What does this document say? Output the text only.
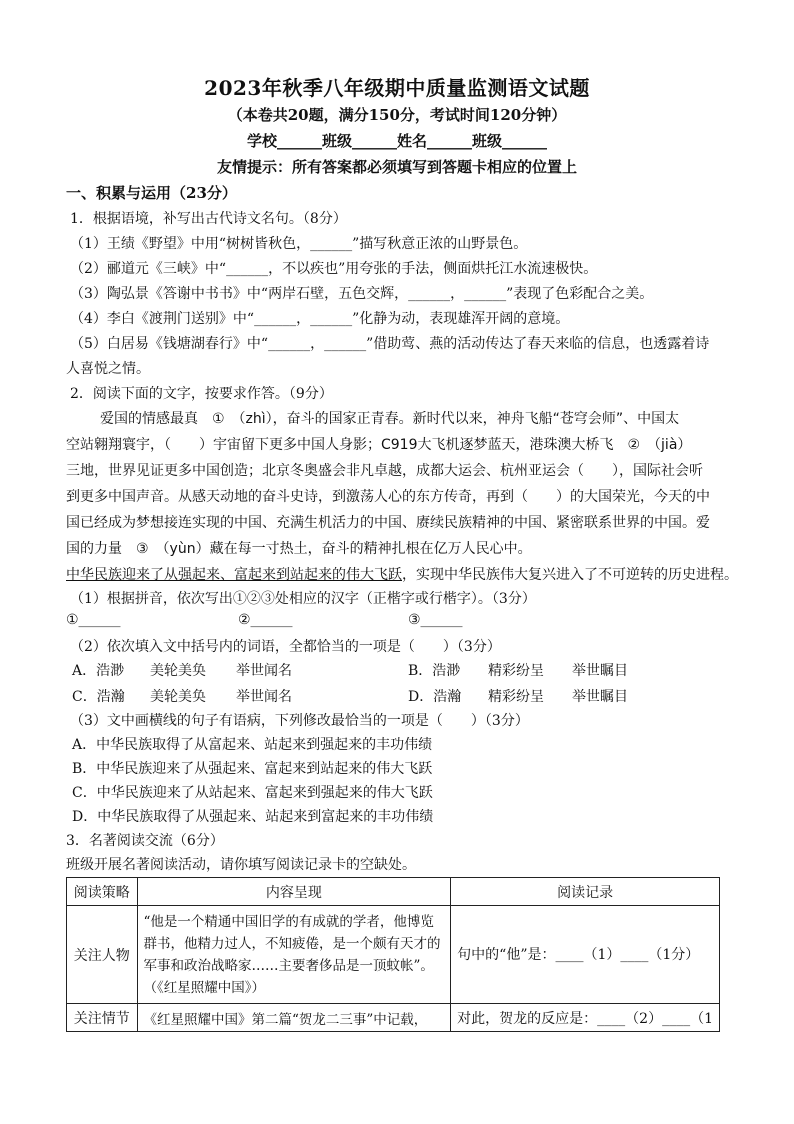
2023年秋季八年级期中质量监测语文试题
（本卷共20题，满分150分，考试时间120分钟）
学校______班级______姓名______班级______
友情提示：所有答案都必须填写到答题卡相应的位置上
一、积累与运用（23分）
1．根据语境，补写出古代诗文名句。（8分）
（1）王绩《野望》中用“树树皆秋色，______”描写秋意正浓的山野景色。
（2）郦道元《三峡》中“______，不以疾也”用夸张的手法，侧面烘托江水流速极快。
（3）陶弘景《答谢中书书》中“两岸石壁，五色交辉，______，______”表现了色彩配合之美。
（4）李白《渡荆门送别》中“______，______”化静为动，表现雄浑开阔的意境。
（5）白居易《钱塘湖春行》中“______，______”借助莺、燕的活动传达了春天来临的信息，也透露着诗
人喜悦之情。
2．阅读下面的文字，按要求作答。（9分）
爱国的情感最真　①　（zhì），奋斗的国家正青春。新时代以来，神舟飞船“苍穹会师”、中国太
空站翱翔寰宇，（　　）宇宙留下更多中国人身影；C919大飞机逐梦蓝天，港珠澳大桥飞　②　（jià）
三地，世界见证更多中国创造；北京冬奥盛会非凡卓越，成都大运会、杭州亚运会（　　），国际社会听
到更多中国声音。从感天动地的奋斗史诗，到激荡人心的东方传奇，再到（　　）的大国荣光，今天的中
国已经成为梦想接连实现的中国、充满生机活力的中国、赓续民族精神的中国、紧密联系世界的中国。爱
国的力量　③　（yùn）藏在每一寸热土，奋斗的精神扎根在亿万人民心中。
中华民族迎来了从强起来、富起来到站起来的伟大飞跃，实现中华民族伟大复兴进入了不可逆转的历史进程。
（1）根据拼音，依次写出①②③处相应的汉字（正楷字或行楷字）。（3分）
①______	②______	③______
（2）依次填入文中括号内的词语，全都恰当的一项是（　　）（3分）
A．浩渺 美轮美奂 举世闻名	B．浩渺 精彩纷呈 举世瞩目
C．浩瀚 美轮美奂 举世闻名	D．浩瀚 精彩纷呈 举世瞩目
（3）文中画横线的句子有语病，下列修改最恰当的一项是（　　）（3分）
A．中华民族取得了从富起来、站起来到强起来的丰功伟绩
B．中华民族迎来了从强起来、富起来到站起来的伟大飞跃
C．中华民族迎来了从站起来、富起来到强起来的伟大飞跃
D．中华民族取得了从强起来、站起来到富起来的丰功伟绩
3．名著阅读交流（6分）
班级开展名著阅读活动，请你填写阅读记录卡的空缺处。
阅读策略	内容呈现	阅读记录
关注人物	“他是一个精通中国旧学的有成就的学者，他博览群书，他精力过人，不知疲倦，是一个颇有天才的军事和政治战略家……主要奢侈品是一顶蚊帐”。（《红星照耀中国》）	句中的“他”是：____（1）____（1分）
关注情节	《红星照耀中国》第二篇“贺龙二三事”中记载，	对此，贺龙的反应是：____（2）____（1
